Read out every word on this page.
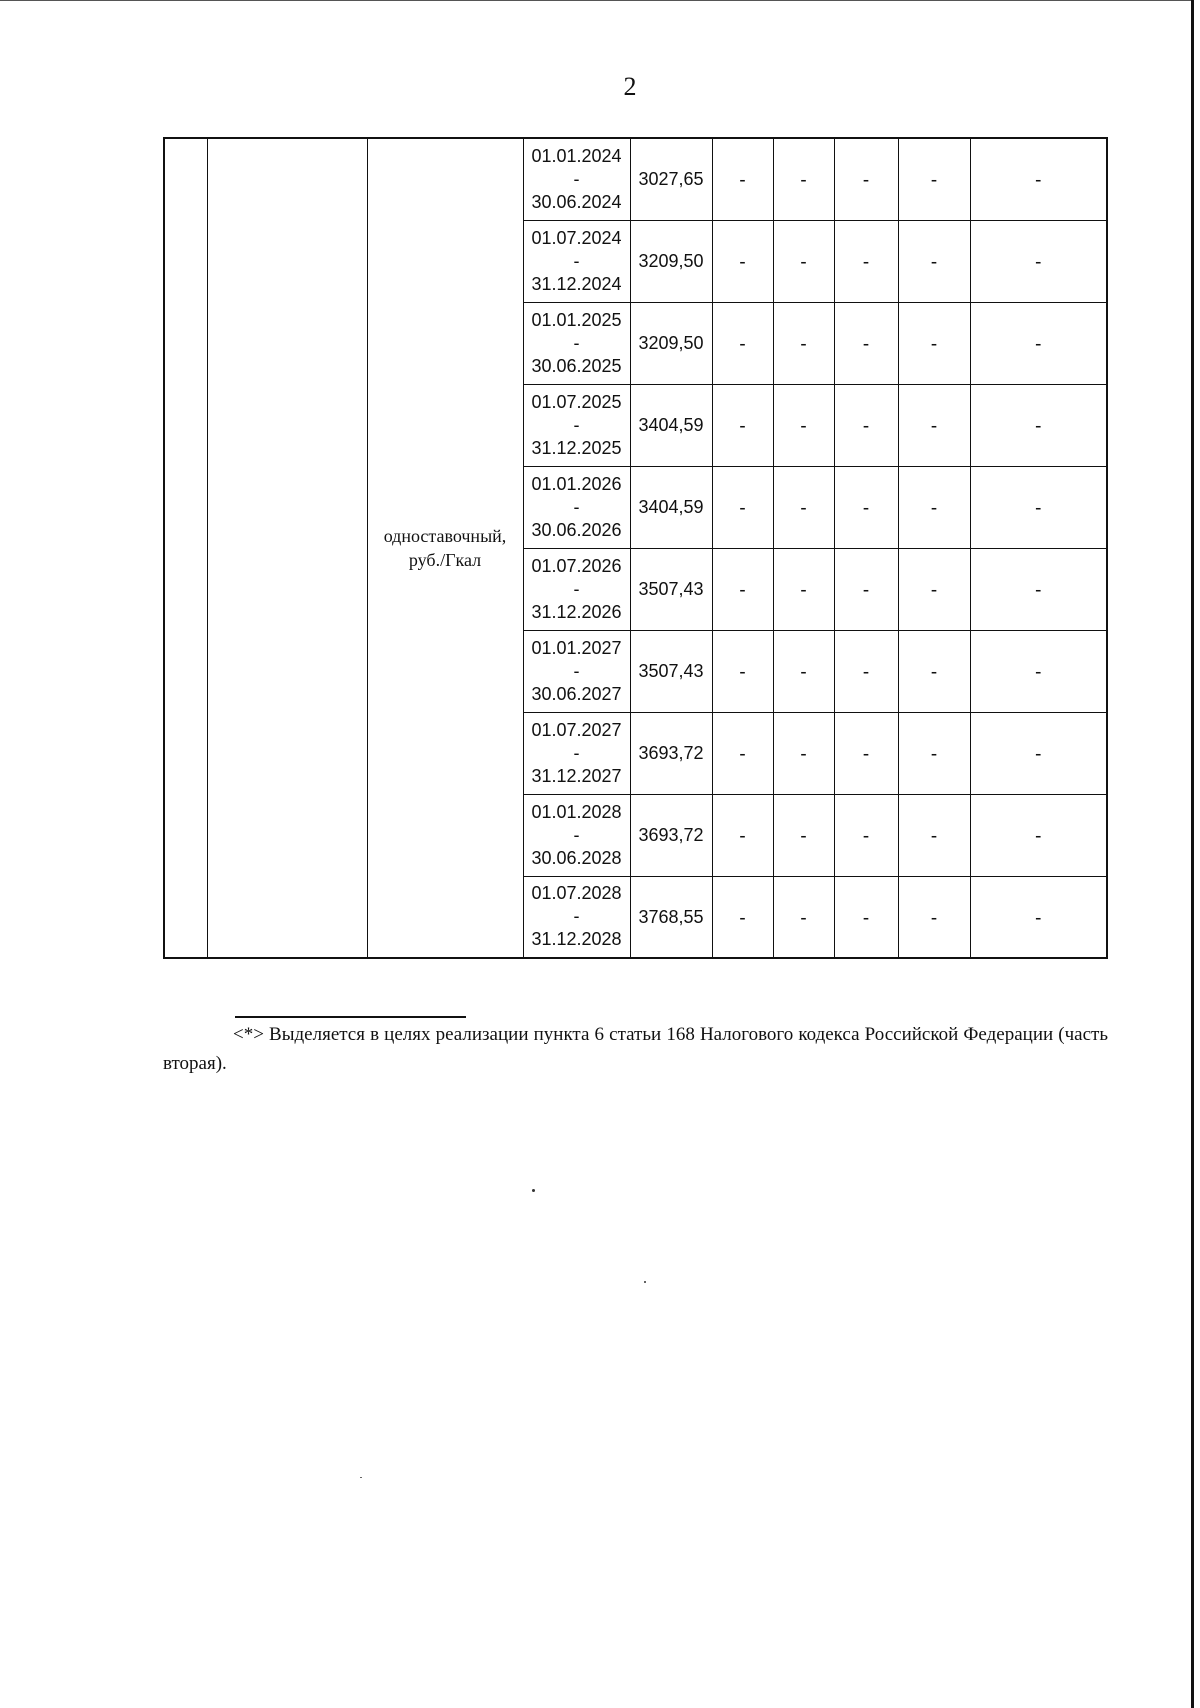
2
		одноставочный, руб./Гкал	01.01.2024
-
30.06.2024	3027,65	-	-	-	-	-

			01.07.2024
-
31.12.2024	3209,50	-	-	-	-	-

			01.01.2025
-
30.06.2025	3209,50	-	-	-	-	-

			01.07.2025
-
31.12.2025	3404,59	-	-	-	-	-

			01.01.2026
-
30.06.2026	3404,59	-	-	-	-	-

			01.07.2026
-
31.12.2026	3507,43	-	-	-	-	-

			01.01.2027
-
30.06.2027	3507,43	-	-	-	-	-

			01.07.2027
-
31.12.2027	3693,72	-	-	-	-	-

			01.01.2028
-
30.06.2028	3693,72	-	-	-	-	-

			01.07.2028
-
31.12.2028	3768,55	-	-	-	-	-
<*> Выделяется в целях реализации пункта 6 статьи 168 Налогового кодекса Российской Федерации (часть вторая).
